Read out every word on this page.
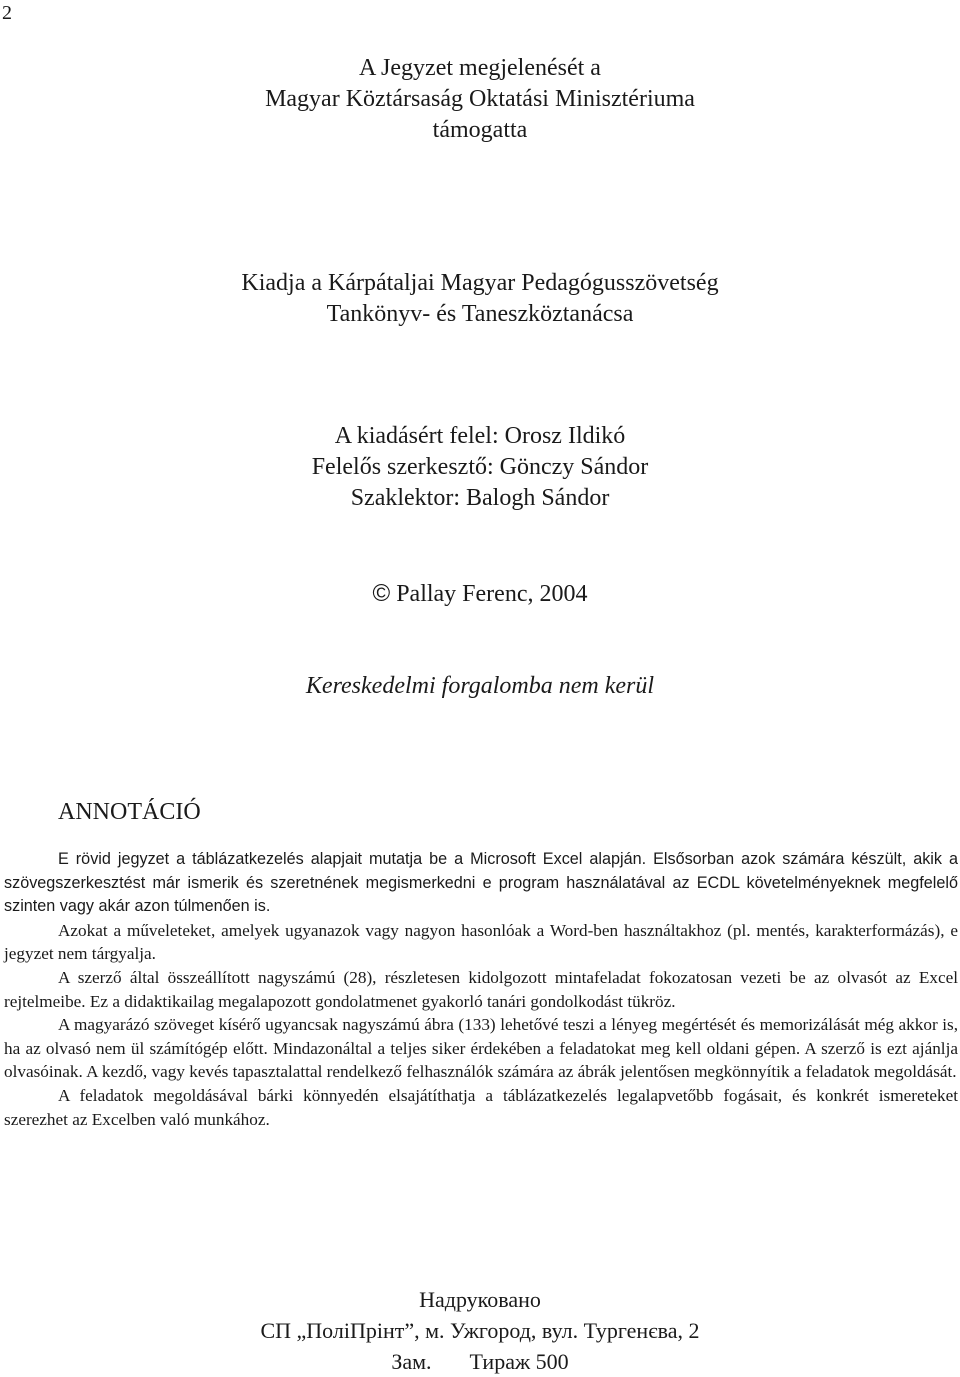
2
A Jegyzet megjelenését a
Magyar Köztársaság Oktatási Minisztériuma
támogatta
Kiadja a Kárpátaljai Magyar Pedagógusszövetség
Tankönyv- és Taneszköztanácsa
A kiadásért felel: Orosz Ildikó
Felelős szerkesztő: Gönczy Sándor
Szaklektor: Balogh Sándor
© Pallay Ferenc, 2004
Kereskedelmi forgalomba nem kerül
ANNOTÁCIÓ

E rövid jegyzet a táblázatkezelés alapjait mutatja be a Microsoft Excel alapján. Elsősorban azok számára készült, akik a szövegszerkesztést már ismerik és szeretnének megismerkedni e program használatával az ECDL követelményeknek megfelelő szinten vagy akár azon túlmenően is.

Azokat a műveleteket, amelyek ugyanazok vagy nagyon hasonlóak a Word-ben használtakhoz (pl. mentés, karakterformázás), e jegyzet nem tárgyalja.

A szerző által összeállított nagyszámú (28), részletesen kidolgozott mintafeladat fokozatosan vezeti be az olvasót az Excel rejtelmeibe. Ez a didaktikailag megalapozott gondolatmenet gyakorló tanári gondolkodást tükröz.

A magyarázó szöveget kísérő ugyancsak nagyszámú ábra (133) lehetővé teszi a lényeg megértését és memorizálását még akkor is, ha az olvasó nem ül számítógép előtt. Mindazonáltal a teljes siker érdekében a feladatokat meg kell oldani gépen. A szerző is ezt ajánlja olvasóinak. A kezdő, vagy kevés tapasztalattal rendelkező felhasználók számára az ábrák jelentősen megkönnyítik a feladatok megoldását.

A feladatok megoldásával bárki könnyedén elsajátíthatja a táblázatkezelés legalapvetőbb fogásait, és konkrét ismereteket szerezhet az Excelben való munkához.

Надруковано
СП „ПоліПрінт”, м. Ужгород, вул. Тургенєва, 2
Зам. Тираж 500
